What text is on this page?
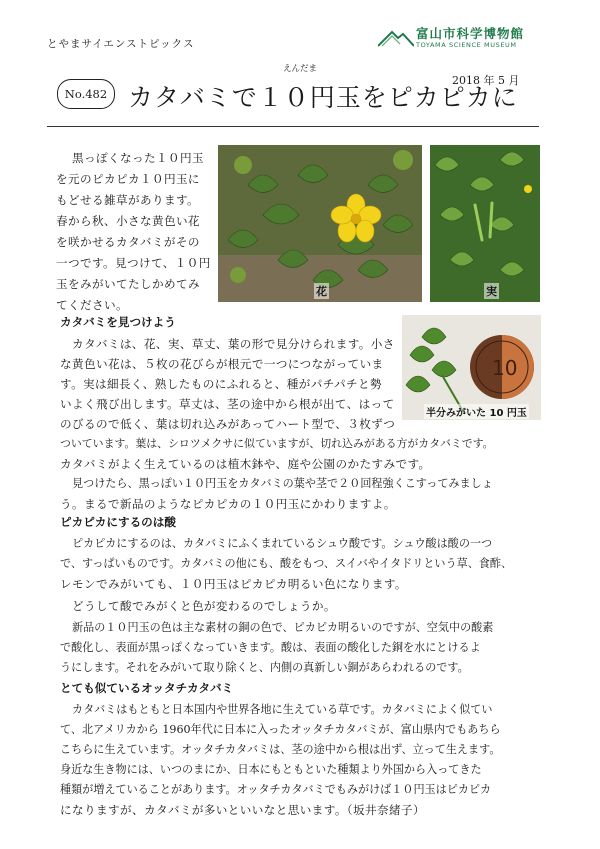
とやまサイエンストピックス
富山市科学博物館
TOYAMA SCIENCE MUSEUM
No.482
2018 年 5 月
えんだま
カタバミで１０円玉をピカピカに
黒っぽくなった１０円玉
を元のピカピカ１０円玉に
もどせる雑草があります。
春から秋、小さな黄色い花
を咲かせるカタバミがその
一つです。見つけて、１０円
玉をみがいてたしかめてみ
てください。
花	実
10
半分みがいた 10 円玉
カタバミを見つけよう
カタバミは、花、実、草丈、葉の形で見分けられます。小さ
な黄色い花は、５枚の花びらが根元で一つにつながっていま
す。実は細長く、熟したものにふれると、種がパチパチと勢
いよく飛び出します。草丈は、茎の途中から根が出て、はって
のびるので低く、葉は切れ込みがあってハート型で、３枚ずつ
ついています。葉は、シロツメクサに似ていますが、切れ込みがある方がカタバミです。
カタバミがよく生えているのは植木鉢や、庭や公園のかたすみです。
見つけたら、黒っぽい１０円玉をカタバミの葉や茎で２０回程強くこすってみましょ
う。まるで新品のようなピカピカの１０円玉にかわりますよ。
ピカピカにするのは酸
ピカピカにするのは、カタバミにふくまれているシュウ酸です。シュウ酸は酸の一つ
で、すっぱいものです。カタバミの他にも、酸をもつ、スイバやイタドリという草、食酢、
レモンでみがいても、１０円玉はピカピカ明るい色になります。
どうして酸でみがくと色が変わるのでしょうか。
新品の１０円玉の色は主な素材の銅の色で、ピカピカ明るいのですが、空気中の酸素
で酸化し、表面が黒っぽくなっていきます。酸は、表面の酸化した銅を水にとけるよ
うにします。それをみがいて取り除くと、内側の真新しい銅があらわれるのです。
とても似ているオッタチカタバミ
カタバミはもともと日本国内や世界各地に生えている草です。カタバミによく似てい
て、北アメリカから 1960年代に日本に入ったオッタチカタバミが、富山県内でもあちら
こちらに生えています。オッタチカタバミは、茎の途中から根は出ず、立って生えます。
身近な生き物には、いつのまにか、日本にもともといた種類より外国から入ってきた
種類が増えていることがあります。オッタチカタバミでもみがけば１０円玉はピカピカ
になりますが、カタバミが多いといいなと思います。（坂井奈緒子）
